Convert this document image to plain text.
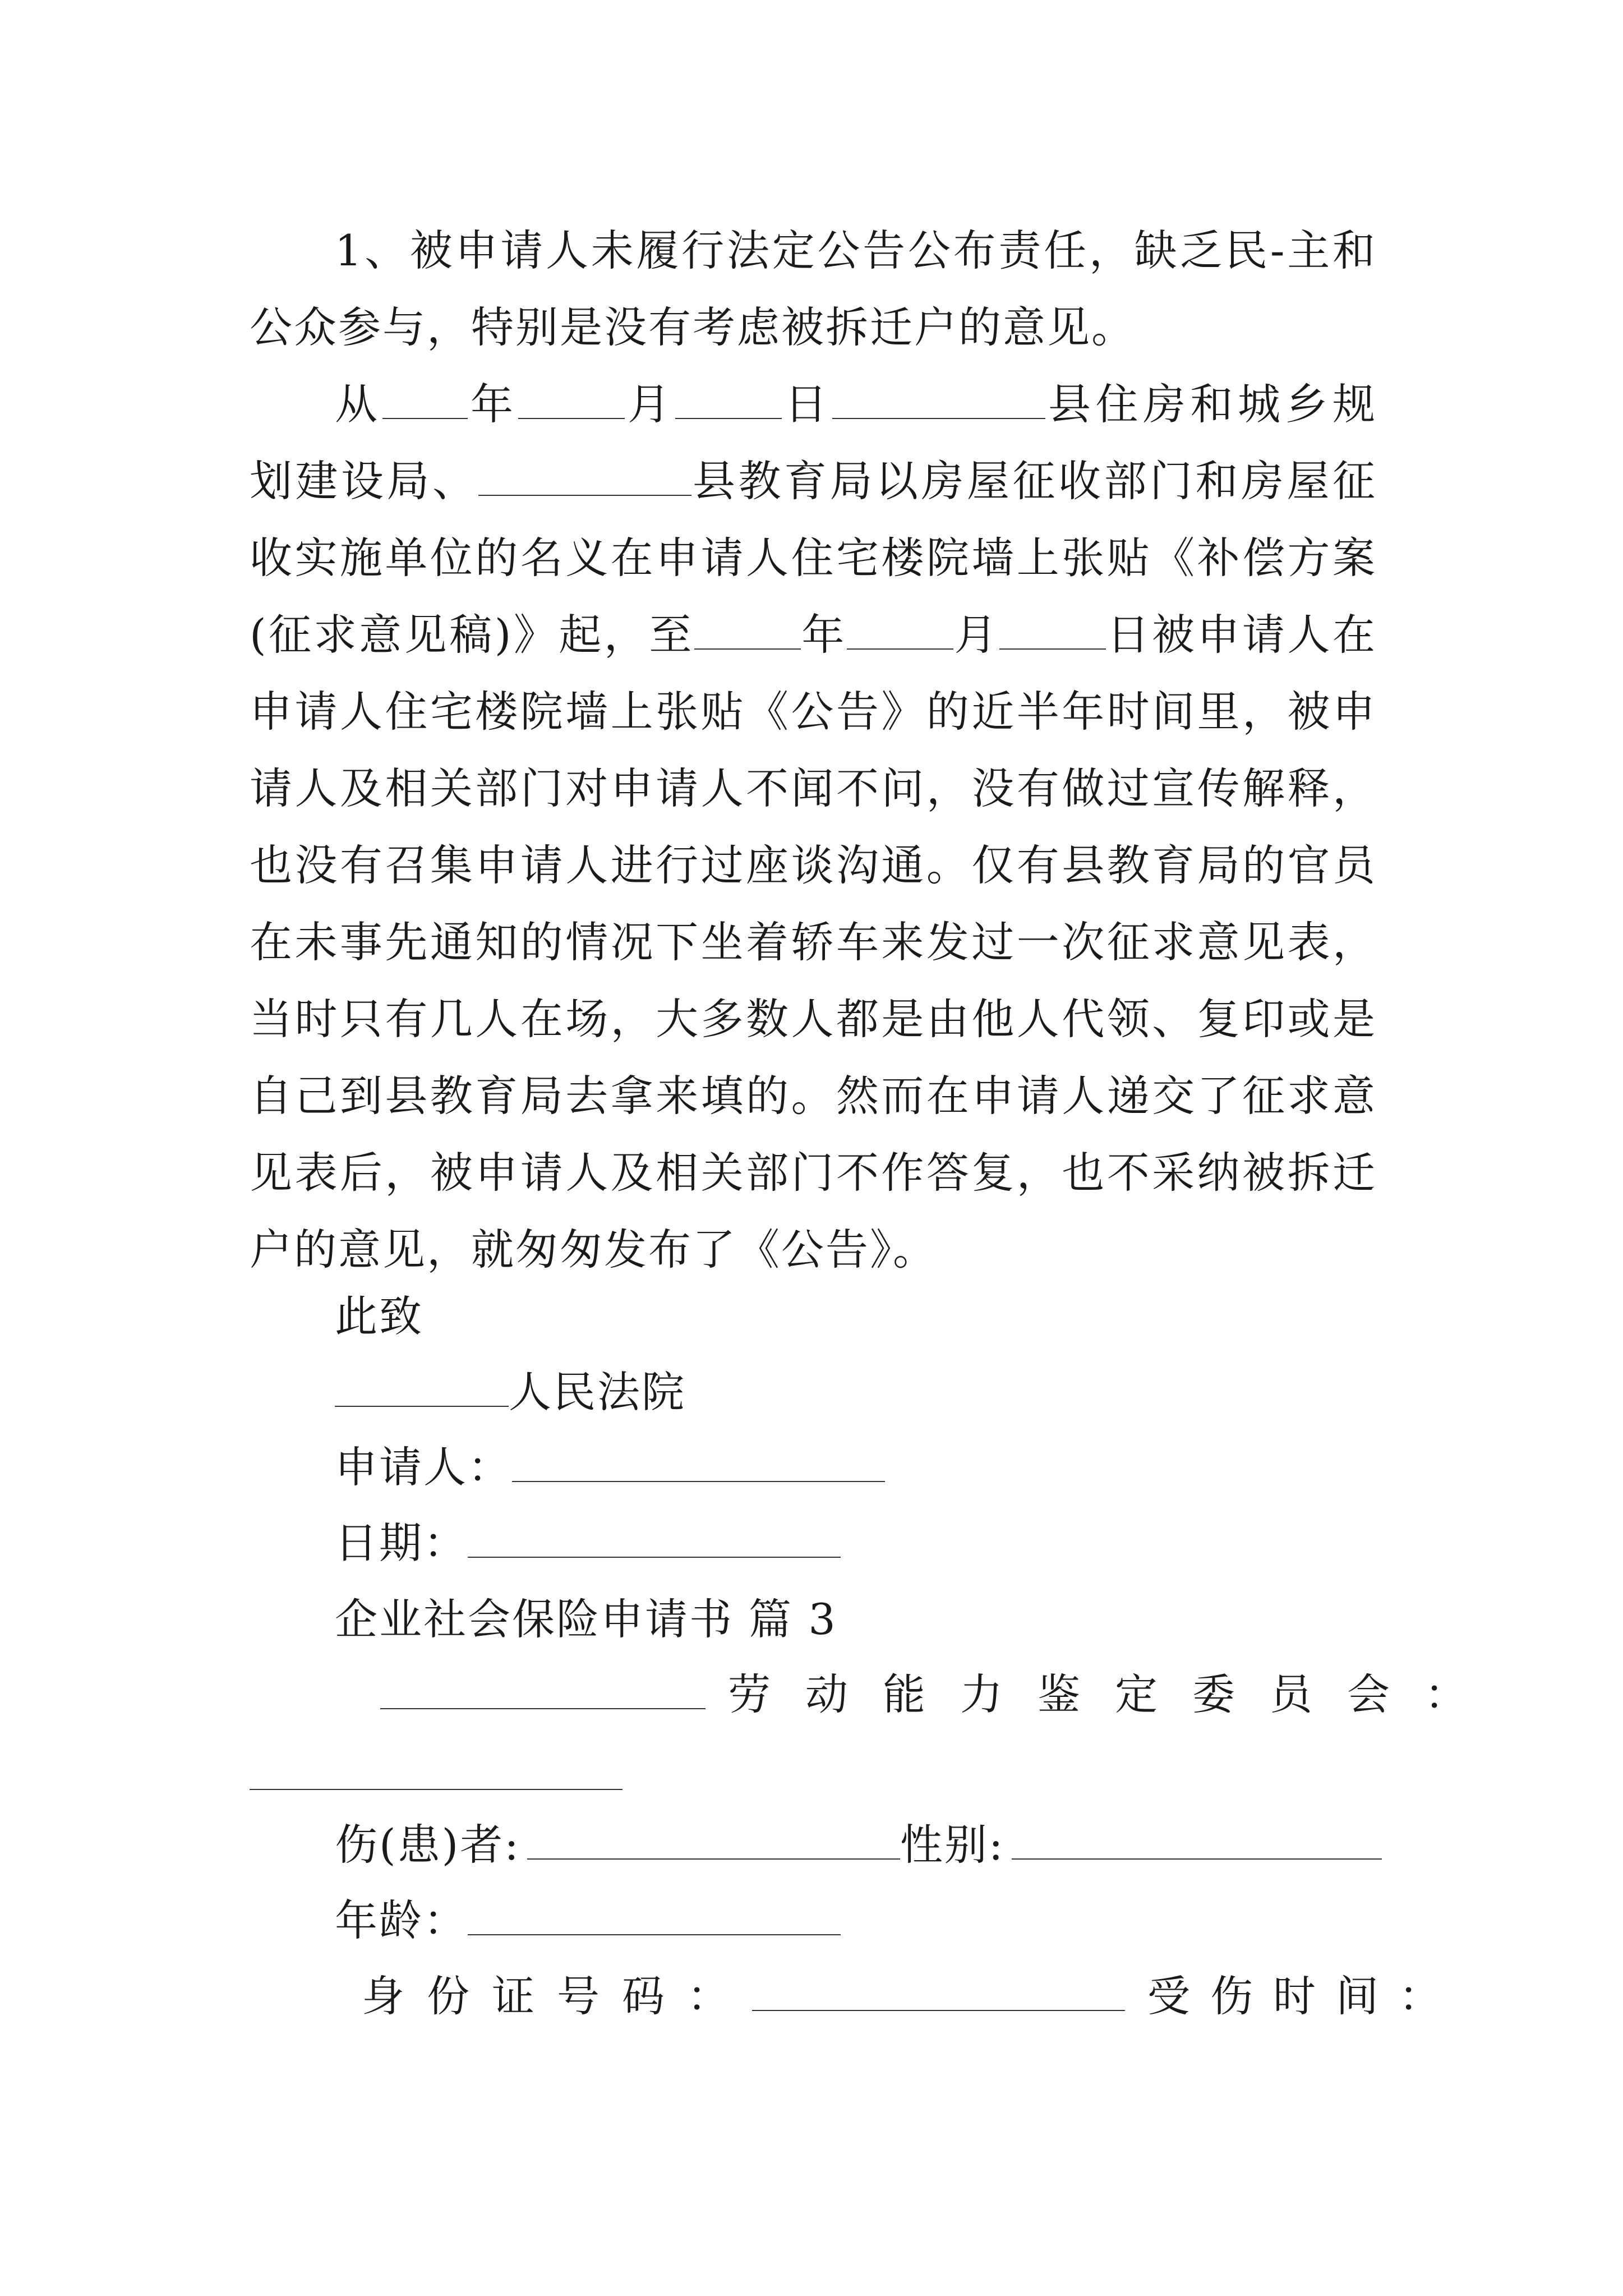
1、被申请人未履行法定公告公布责任，缺乏民-主和公众参与，特别是没有考虑被拆迁户的意见。

从 年	月	日	县住房和城乡规划建设局、	县教育局以房屋征收部门和房屋征收实施单位的名义在申请人住宅楼院墙上张贴《补偿方案(征求意见稿)》起，至	年	月	日被申请人在申请人住宅楼院墙上张贴《公告》的近半年时间里，被申请人及相关部门对申请人不闻不问，没有做过宣传解释，也没有召集申请人进行过座谈沟通。仅有县教育局的官员在未事先通知的情况下坐着轿车来发过一次征求意见表，当时只有几人在场，大多数人都是由他人代领、复印或是自己到县教育局去拿来填的。然而在申请人递交了征求意见表后，被申请人及相关部门不作答复，也不采纳被拆迁户的意见，就匆匆发布了《公告》。

此致
人民法院
申请人：
日期：
企业社会保险申请书 篇 3
劳动能力鉴定委员会：
伤(患)者:	性别:
年龄：
身份证号码：	受伤时间：
